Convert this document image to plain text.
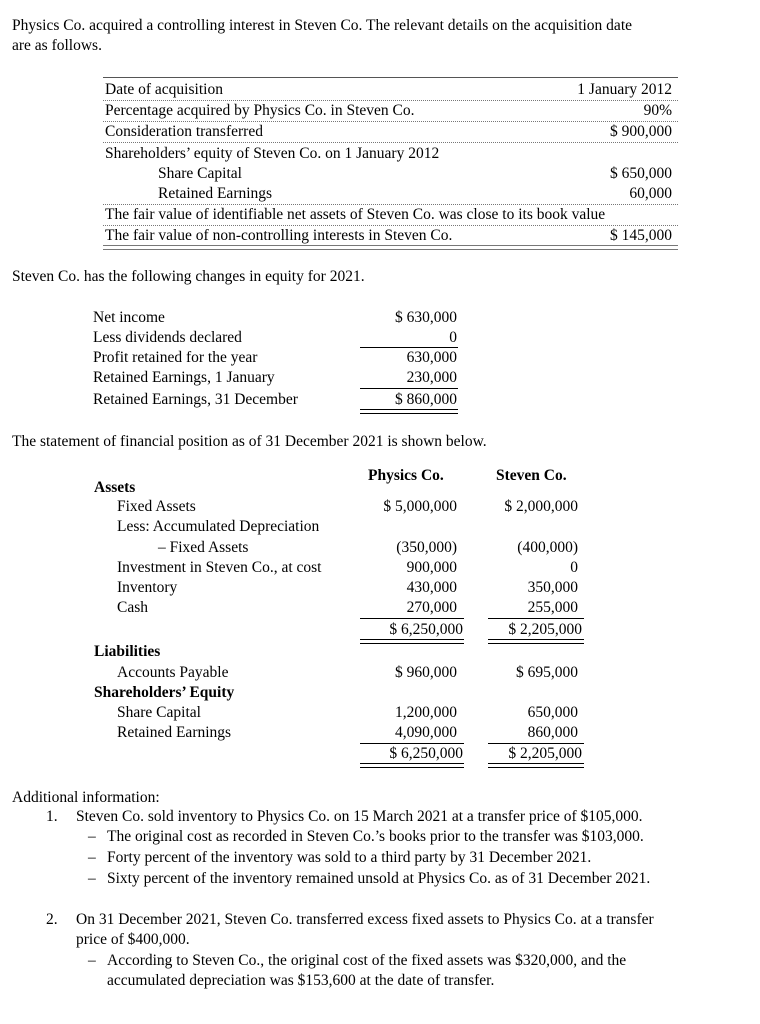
Physics Co. acquired a controlling interest in Steven Co. The relevant details on the acquisition date
are as follows.
Date of acquisition	1 January 2012
Percentage acquired by Physics Co. in Steven Co.	90%
Consideration transferred	$ 900,000
Shareholders’ equity of Steven Co. on 1 January 2012
Share Capital	$ 650,000
Retained Earnings	60,000
The fair value of identifiable net assets of Steven Co. was close to its book value
The fair value of non-controlling interests in Steven Co.	$ 145,000
Steven Co. has the following changes in equity for 2021.
Net income	$ 630,000
Less dividends declared	0
Profit retained for the year	630,000
Retained Earnings, 1 January	230,000
Retained Earnings, 31 December	$ 860,000
The statement of financial position as of 31 December 2021 is shown below.
Physics Co.	Steven Co.
Assets
Fixed Assets	$ 5,000,000	$ 2,000,000
Less: Accumulated Depreciation
– Fixed Assets	(350,000)	(400,000)
Investment in Steven Co., at cost	900,000	0
Inventory	430,000	350,000
Cash	270,000	255,000
$ 6,250,000	$ 2,205,000
Liabilities
Accounts Payable	$ 960,000	$ 695,000
Shareholders’ Equity
Share Capital	1,200,000	650,000
Retained Earnings	4,090,000	860,000
$ 6,250,000	$ 2,205,000
Additional information:
1. Steven Co. sold inventory to Physics Co. on 15 March 2021 at a transfer price of $105,000.
– The original cost as recorded in Steven Co.’s books prior to the transfer was $103,000.
– Forty percent of the inventory was sold to a third party by 31 December 2021.
– Sixty percent of the inventory remained unsold at Physics Co. as of 31 December 2021.
2. On 31 December 2021, Steven Co. transferred excess fixed assets to Physics Co. at a transfer
price of $400,000.
– According to Steven Co., the original cost of the fixed assets was $320,000, and the
accumulated depreciation was $153,600 at the date of transfer.
